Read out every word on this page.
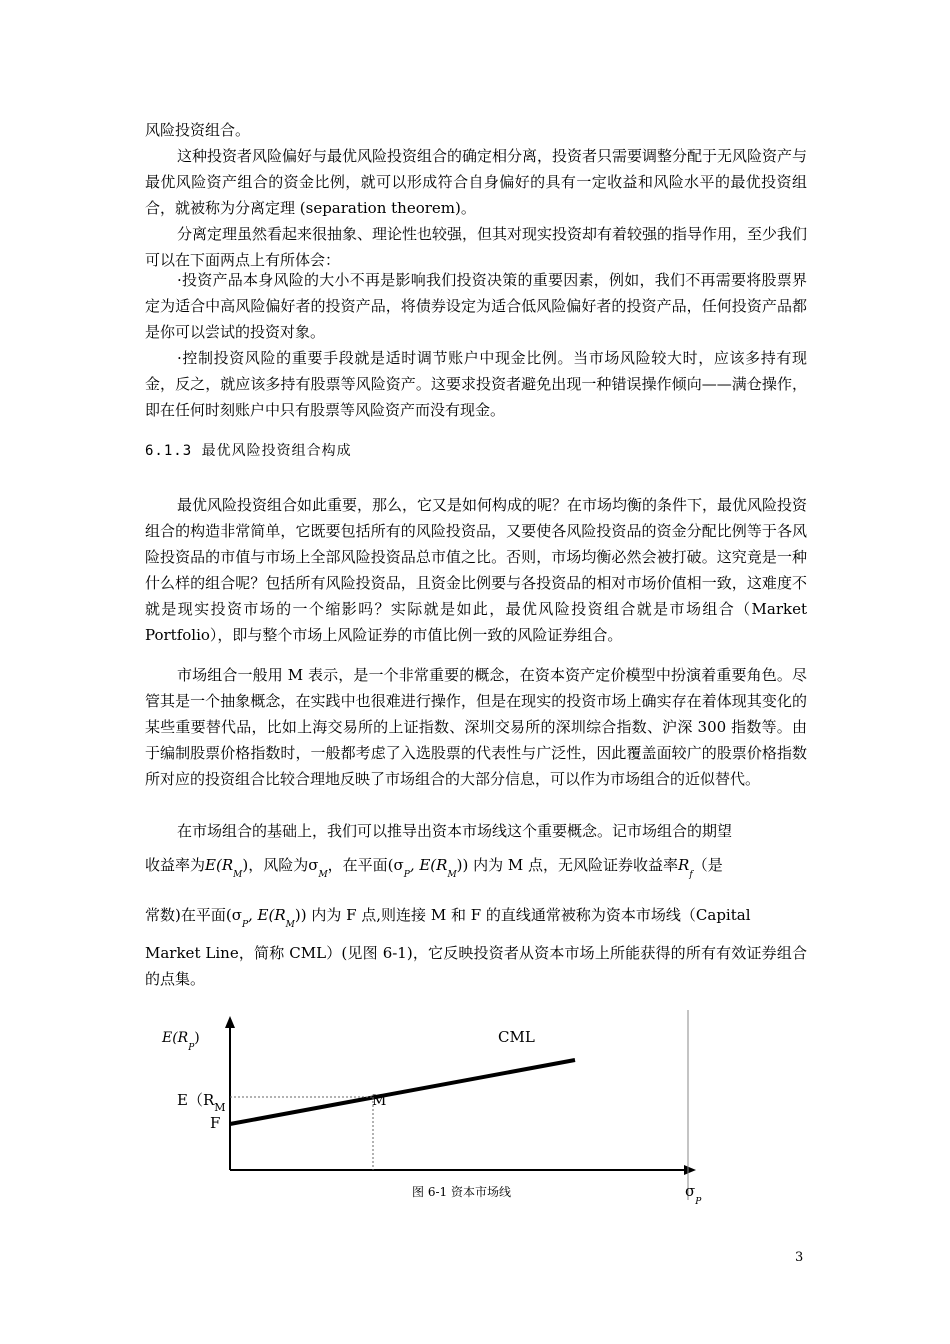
风险投资组合。

这种投资者风险偏好与最优风险投资组合的确定相分离，投资者只需要调整分配于无风险资产与最优风险资产组合的资金比例，就可以形成符合自身偏好的具有一定收益和风险水平的最优投资组合，就被称为分离定理 (separation theorem)。

分离定理虽然看起来很抽象、理论性也较强，但其对现实投资却有着较强的指导作用，至少我们可以在下面两点上有所体会：

·投资产品本身风险的大小不再是影响我们投资决策的重要因素，例如，我们不再需要将股票界定为适合中高风险偏好者的投资产品，将债券设定为适合低风险偏好者的投资产品，任何投资产品都是你可以尝试的投资对象。

·控制投资风险的重要手段就是适时调节账户中现金比例。当市场风险较大时，应该多持有现金，反之，就应该多持有股票等风险资产。这要求投资者避免出现一种错误操作倾向——满仓操作，即在任何时刻账户中只有股票等风险资产而没有现金。

6.1.3 最优风险投资组合构成

最优风险投资组合如此重要，那么，它又是如何构成的呢？在市场均衡的条件下，最优风险投资组合的构造非常简单，它既要包括所有的风险投资品，又要使各风险投资品的资金分配比例等于各风险投资品的市值与市场上全部风险投资品总市值之比。否则，市场均衡必然会被打破。这究竟是一种什么样的组合呢？包括所有风险投资品，且资金比例要与各投资品的相对市场价值相一致，这难度不就是现实投资市场的一个缩影吗？实际就是如此，最优风险投资组合就是市场组合（Market Portfolio），即与整个市场上风险证券的市值比例一致的风险证券组合。

市场组合一般用 M 表示，是一个非常重要的概念，在资本资产定价模型中扮演着重要角色。尽管其是一个抽象概念，在实践中也很难进行操作，但是在现实的投资市场上确实存在着体现其变化的某些重要替代品，比如上海交易所的上证指数、深圳交易所的深圳综合指数、沪深 300 指数等。由于编制股票价格指数时，一般都考虑了入选股票的代表性与广泛性，因此覆盖面较广的股票价格指数所对应的投资组合比较合理地反映了市场组合的大部分信息，可以作为市场组合的近似替代。

在市场组合的基础上，我们可以推导出资本市场线这个重要概念。记市场组合的期望

收益率为$E(R_M)$，风险为$\sigma_M$，在平面($\sigma_P$, $E(R_M)$) 内为 M 点，无风险证券收益率$R_f$（是

常数)在平面($\sigma_P$, $E(R_M)$) 内为 F 点,则连接 M 和 F 的直线通常被称为资本市场线（Capital

Market Line，简称 CML）(见图 6-1)，它反映投资者从资本市场上所能获得的所有有效证券组合的点集。

$E(R_P)$	CML
$E(R_M$	M
F
图 6-1 资本市场线	$\sigma_P$
3
